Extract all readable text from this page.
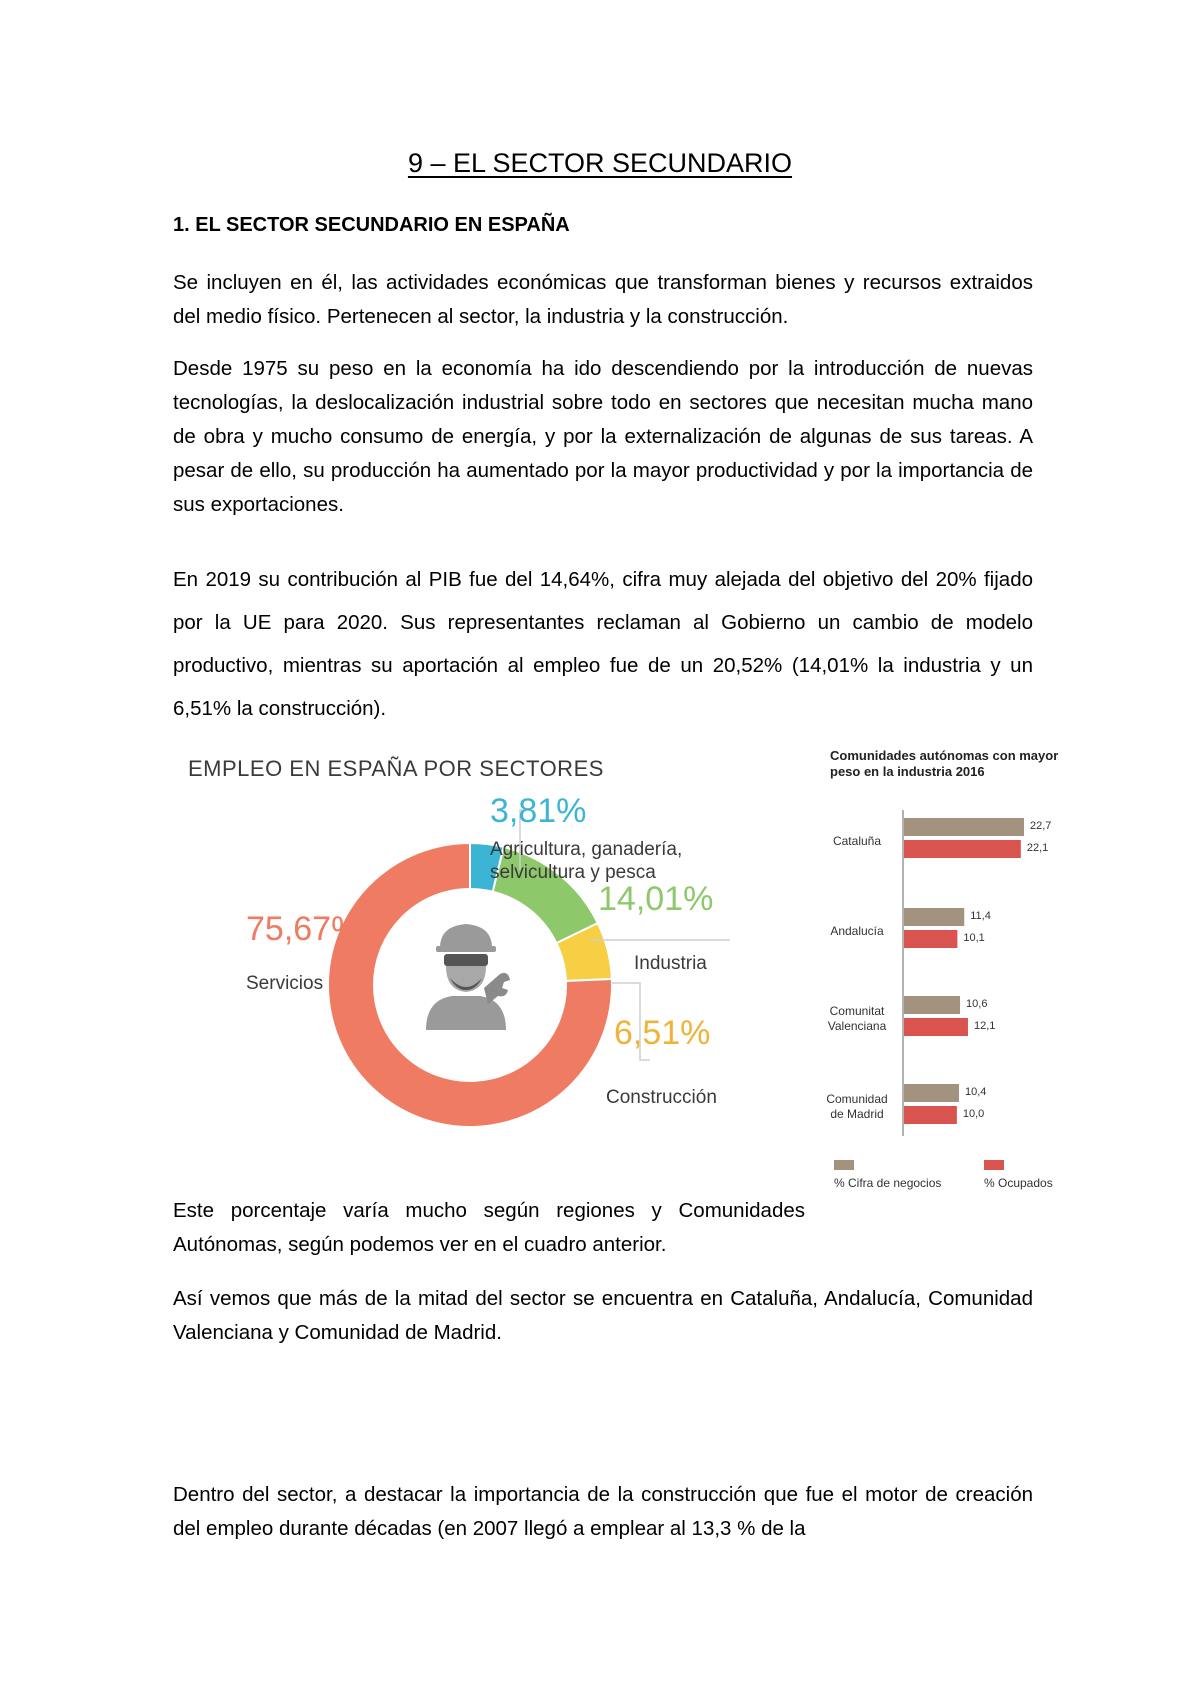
9 – EL SECTOR SECUNDARIO
1. EL SECTOR SECUNDARIO EN ESPAÑA
Se incluyen en él, las actividades económicas que transforman bienes y recursos extraidos del medio físico. Pertenecen al sector, la industria y la construcción.
Desde 1975 su peso en la economía ha ido descendiendo por la introducción de nuevas tecnologías, la deslocalización industrial sobre todo en sectores que necesitan mucha mano de obra y mucho consumo de energía, y por la externalización de algunas de sus tareas. A pesar de ello, su producción ha aumentado por la mayor productividad y por la importancia de sus exportaciones.
En 2019 su contribución al PIB fue del 14,64%, cifra muy alejada del objetivo del 20% fijado por la UE para 2020. Sus representantes reclaman al Gobierno un cambio de modelo productivo, mientras su aportación al empleo fue de un 20,52% (14,01% la industria y un 6,51% la construcción).
EMPLEO EN ESPAÑA POR SECTORES
3,81%
Agricultura, ganadería, selvicultura y pesca
14,01%
Industria
6,51%
Construcción
75,67%
Servicios
Comunidades autónomas con mayor peso en la industria 2016
Cataluña
22,7
22,1
Andalucía
11,4
10,1
Comunitat
Valenciana
10,6
12,1
Comunidad
de Madrid
10,4
10,0
% Cifra de negocios	% Ocupados
Este porcentaje varía mucho según regiones y Comunidades Autónomas, según podemos ver en el cuadro anterior.
Así vemos que más de la mitad del sector se encuentra en Cataluña, Andalucía, Comunidad Valenciana y Comunidad de Madrid.
Dentro del sector, a destacar la importancia de la construcción que fue el motor de creación del empleo durante décadas (en 2007 llegó a emplear al 13,3 % de la
